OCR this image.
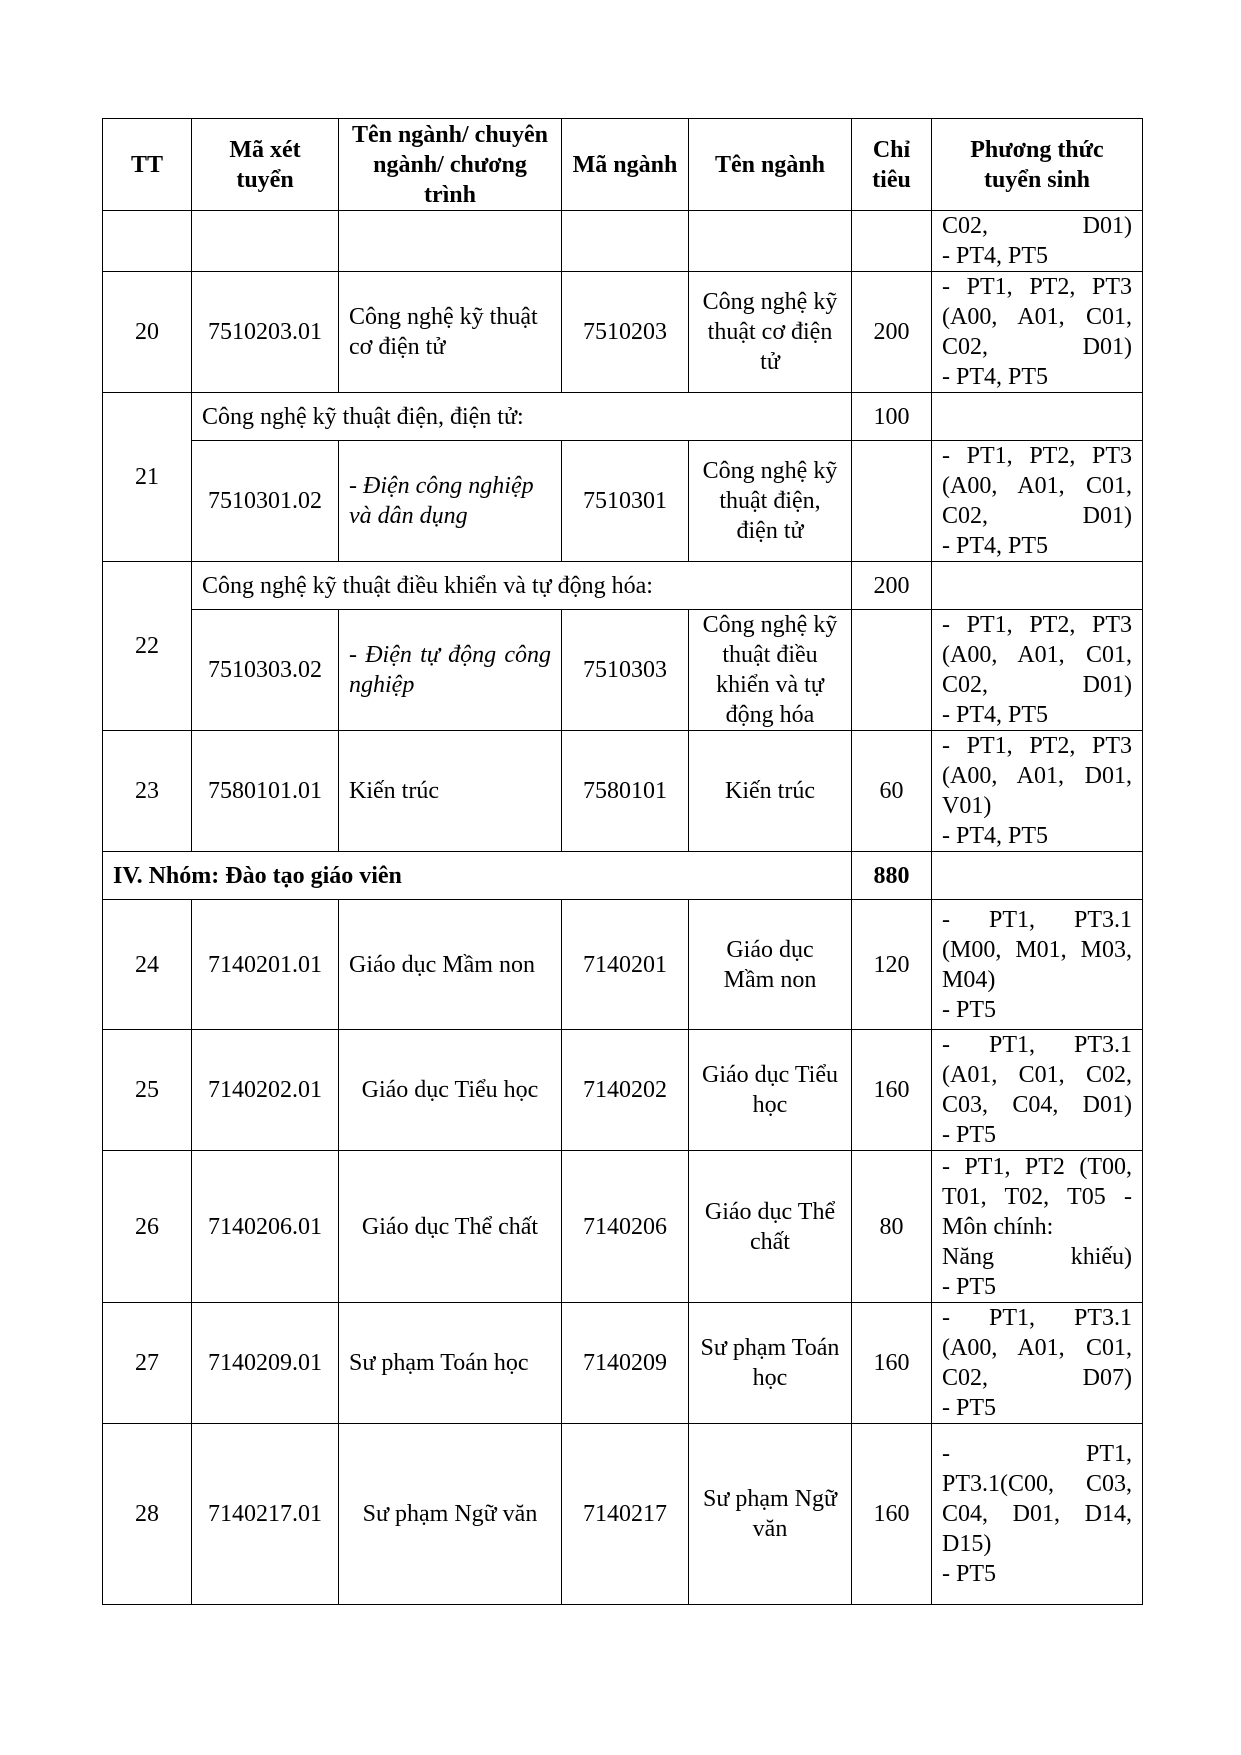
TT	Mã xét tuyển	Tên ngành/ chuyên ngành/ chương trình	Mã ngành	Tên ngành	Chỉ tiêu	Phương thức tuyển sinh

						C02, D01)
- PT4, PT5

20	7510203.01	Công nghệ kỹ thuật cơ điện tử	7510203	Công nghệ kỹ thuật cơ điện tử	200	- PT1, PT2, PT3
(A00, A01, C01,
C02, D01)
- PT4, PT5

21	Công nghệ kỹ thuật điện, điện tử:				100	
	7510301.02	- Điện công nghiệp và dân dụng	7510301	Công nghệ kỹ thuật điện, điện tử		- PT1, PT2, PT3
(A00, A01, C01,
C02, D01)
- PT4, PT5

22	Công nghệ kỹ thuật điều khiển và tự động hóa:				200	
	7510303.02	- Điện tự động công nghiệp	7510303	Công nghệ kỹ thuật điều khiển và tự động hóa		- PT1, PT2, PT3
(A00, A01, C01,
C02, D01)
- PT4, PT5

23	7580101.01	Kiến trúc	7580101	Kiến trúc	60	- PT1, PT2, PT3
(A00, A01, D01,
V01)
- PT4, PT5

IV. Nhóm: Đào tạo giáo viên					880	
24	7140201.01	Giáo dục Mầm non	7140201	Giáo dục Mầm non	120	- PT1, PT3.1
(M00, M01, M03,
M04)
- PT5

25	7140202.01	Giáo dục Tiểu học	7140202	Giáo dục Tiểu học	160	- PT1, PT3.1
(A01, C01, C02,
C03, C04, D01)
- PT5

26	7140206.01	Giáo dục Thể chất	7140206	Giáo dục Thể chất	80	- PT1, PT2 (T00,
T01, T02, T05 -
Môn chính:
Năng khiếu)
- PT5

27	7140209.01	Sư phạm Toán học	7140209	Sư phạm Toán học	160	- PT1, PT3.1
(A00, A01, C01,
C02, D07)
- PT5

28	7140217.01	Sư phạm Ngữ văn	7140217	Sư phạm Ngữ văn	160	- PT1,
PT3.1(C00, C03,
C04, D01, D14,
D15)
- PT5
